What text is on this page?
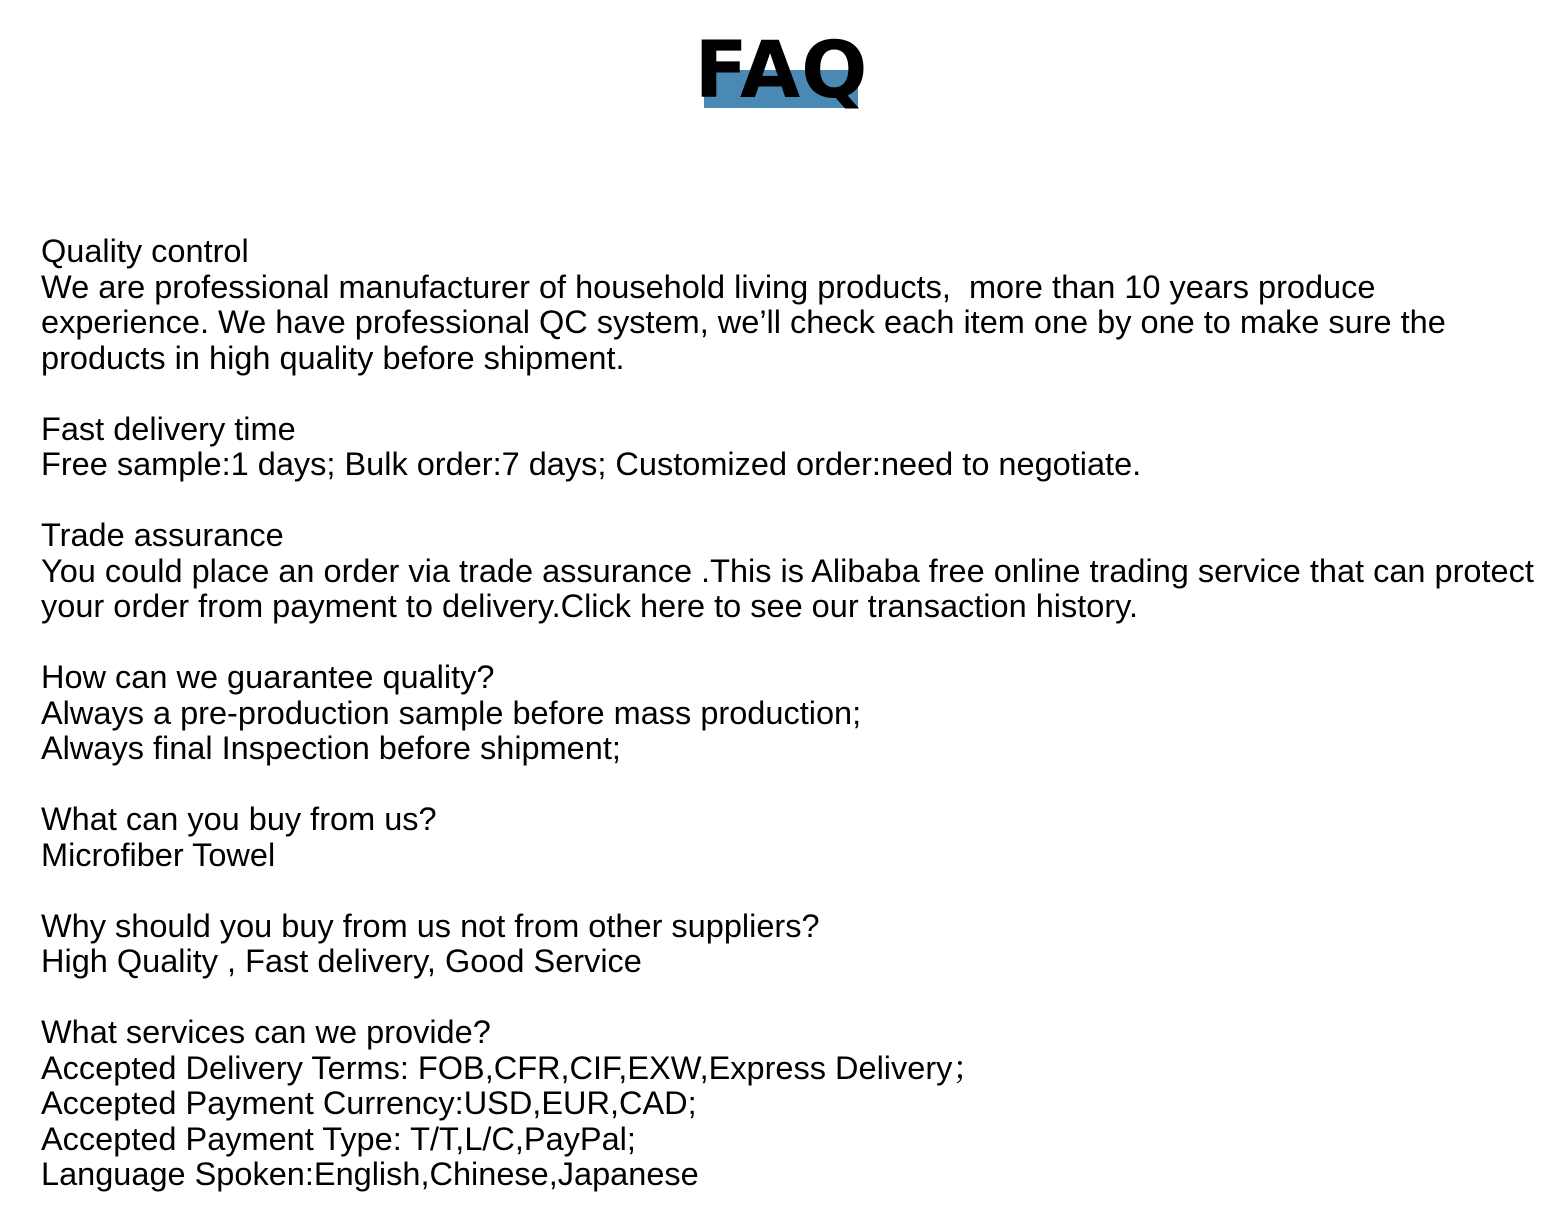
FAQ
Quality control
We are professional manufacturer of household living products,  more than 10 years produce experience. We have professional QC system, we’ll check each item one by one to make sure the products in high quality before shipment.
Fast delivery time
Free sample:1 days; Bulk order:7 days; Customized order:need to negotiate.
Trade assurance
You could place an order via trade assurance .This is Alibaba free online trading service that can protect your order from payment to delivery.Click here to see our transaction history.
How can we guarantee quality?
Always a pre-production sample before mass production;
Always final Inspection before shipment;
What can you buy from us?
Microfiber Towel
Why should you buy from us not from other suppliers?
High Quality , Fast delivery, Good Service
What services can we provide?
Accepted Delivery Terms: FOB,CFR,CIF,EXW,Express Delivery；
Accepted Payment Currency:USD,EUR,CAD;
Accepted Payment Type: T/T,L/C,PayPal;
Language Spoken:English,Chinese,Japanese
